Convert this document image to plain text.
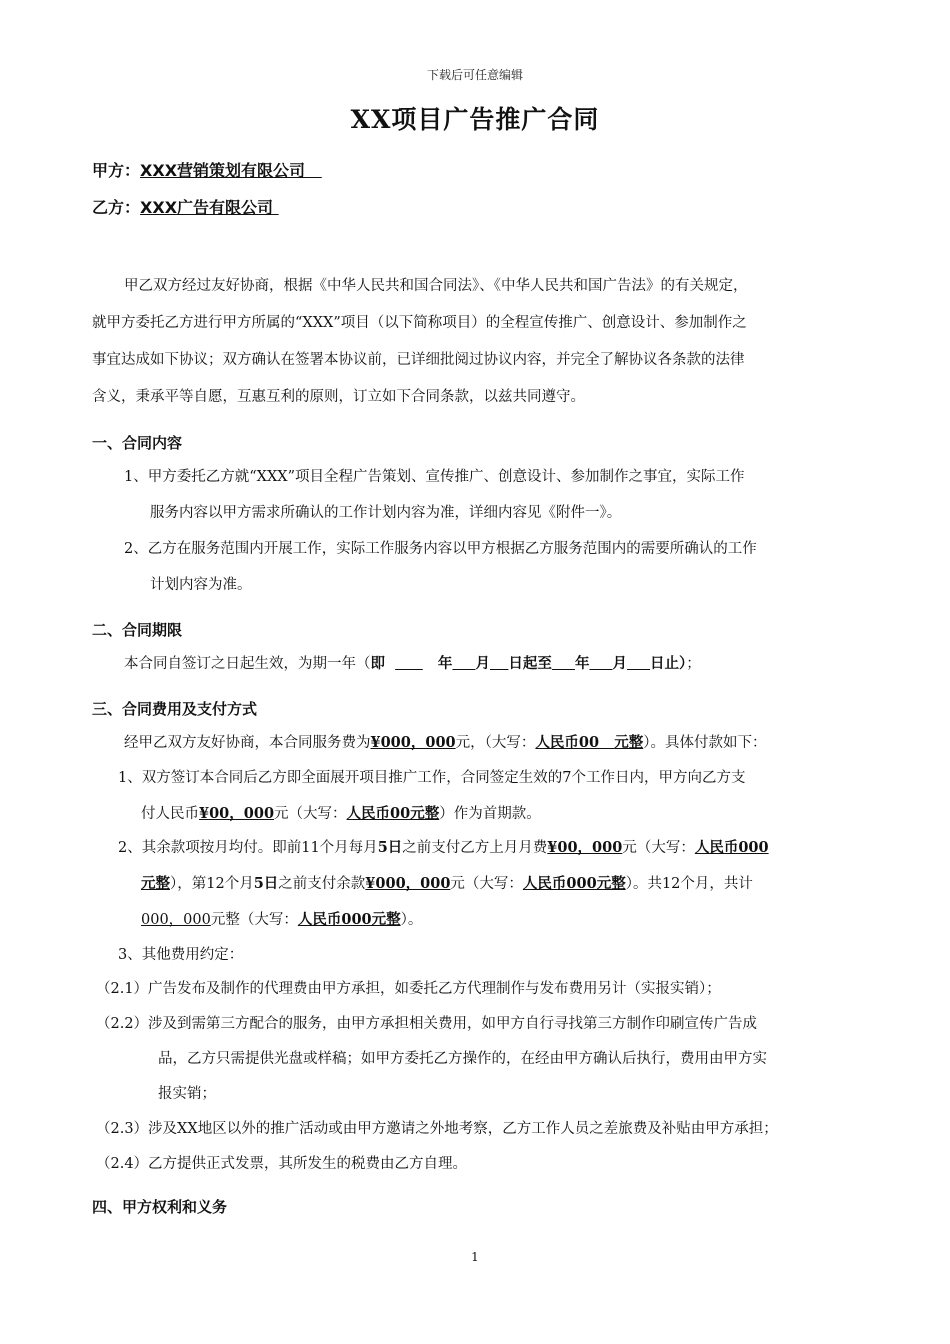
下载后可任意编辑
XX项目广告推广合同
甲方：XXX营销策划有限公司
乙方：XXX广告有限公司
甲乙双方经过友好协商，根据《中华人民共和国合同法》、《中华人民共和国广告法》的有关规定，
就甲方委托乙方进行甲方所属的“XXX”项目（以下简称项目）的全程宣传推广、创意设计、参加制作之
事宜达成如下协议；双方确认在签署本协议前，已详细批阅过协议内容，并完全了解协议各条款的法律
含义，秉承平等自愿，互惠互利的原则，订立如下合同条款，以兹共同遵守。
一、合同内容
1、甲方委托乙方就“XXX”项目全程广告策划、宣传推广、创意设计、参加制作之事宜，实际工作
服务内容以甲方需求所确认的工作计划内容为准，详细内容见《附件一》。
2、乙方在服务范围内开展工作，实际工作服务内容以甲方根据乙方服务范围内的需要所确认的工作
计划内容为准。
二、合同期限
本合同自签订之日起生效，为期一年（即	年 月 日起至 年 月 日止）；
三、合同费用及支付方式
经甲乙双方友好协商，本合同服务费为¥000，000元，（大写：人民币00 元整）。具体付款如下：
1、双方签订本合同后乙方即全面展开项目推广工作，合同签定生效的7个工作日内，甲方向乙方支
付人民币¥00，000元（大写：人民币00元整）作为首期款。
2、其余款项按月均付。即前11个月每月5日之前支付乙方上月月费¥00，000元（大写：人民币000
元整），第12个月5日之前支付余款¥000，000元（大写：人民币000元整）。共12个月，共计
000，000元整（大写：人民币000元整）。
3、其他费用约定：
（2.1）广告发布及制作的代理费由甲方承担，如委托乙方代理制作与发布费用另计（实报实销）；
（2.2）涉及到需第三方配合的服务，由甲方承担相关费用，如甲方自行寻找第三方制作印刷宣传广告成
品，乙方只需提供光盘或样稿；如甲方委托乙方操作的，在经由甲方确认后执行，费用由甲方实
报实销；
（2.3）涉及XX地区以外的推广活动或由甲方邀请之外地考察，乙方工作人员之差旅费及补贴由甲方承担；
（2.4）乙方提供正式发票，其所发生的税费由乙方自理。
四、甲方权利和义务
1
